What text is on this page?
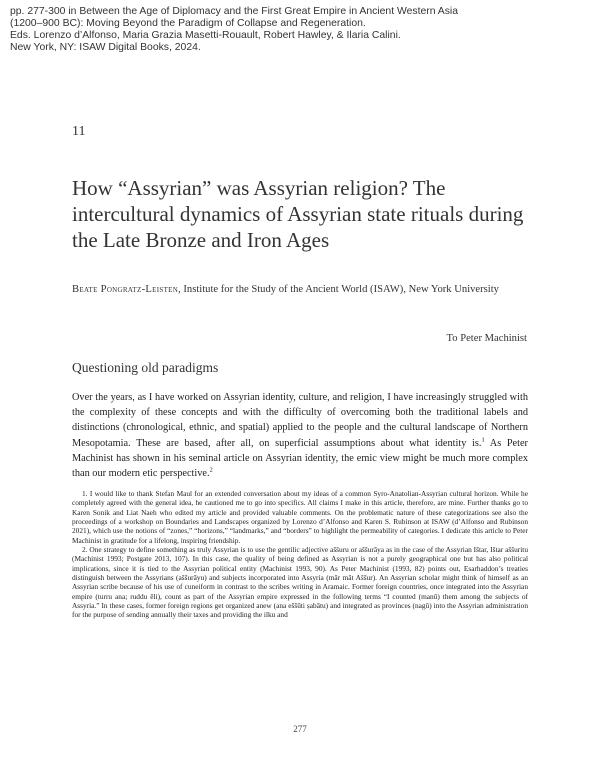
pp. 277-300 in Between the Age of Diplomacy and the First Great Empire in Ancient Western Asia
(1200–900 BC): Moving Beyond the Paradigm of Collapse and Regeneration.
Eds. Lorenzo d’Alfonso, Maria Grazia Masetti-Rouault, Robert Hawley, & Ilaria Calini.
New York, NY: ISAW Digital Books, 2024.
11
How “Assyrian” was Assyrian religion? The intercultural dynamics of Assyrian state rituals during the Late Bronze and Iron Ages
Beate Pongratz-Leisten, Institute for the Study of the Ancient World (ISAW), New York University
To Peter Machinist
Questioning old paradigms
Over the years, as I have worked on Assyrian identity, culture, and religion, I have increasingly struggled with the complexity of these concepts and with the difficulty of overcoming both the traditional labels and distinctions (chronological, ethnic, and spatial) applied to the people and the cultural landscape of Northern Mesopotamia. These are based, after all, on superficial assumptions about what identity is.$^1$ As Peter Machinist has shown in his seminal article on Assyrian identity, the emic view might be much more complex than our modern etic perspective.$^2$

1. I would like to thank Stefan Maul for an extended conversation about my ideas of a common Syro-Anatolian-Assyrian cultural horizon. While he completely agreed with the general idea, he cautioned me to go into specifics. All claims I make in this article, therefore, are mine. Further thanks go to Karen Sonik and Liat Naeh who edited my article and provided valuable comments. On the problematic nature of these categorizations see also the proceedings of a workshop on Boundaries and Landscapes organized by Lorenzo d’Alfonso and Karen S. Rubinson at ISAW (d’Alfonso and Rubinson 2021), which use the notions of “zones,” “horizons,” “landmarks,” and “borders” to highlight the permeability of categories. I dedicate this article to Peter Machinist in gratitude for a lifelong, inspiring friendship.

2. One strategy to define something as truly Assyrian is to use the gentilic adjective aššuru or aššurāya as in the case of the Assyrian Ištar, Ištar aššuritu (Machinist 1993; Postgate 2013, 107). In this case, the quality of being defined as Assyrian is not a purely geographical one but has also political implications, since it is tied to the Assyrian political entity (Machinist 1993, 90). As Peter Machinist (1993, 82) points out, Esarhaddon’s treaties distinguish between the Assyrians (aššurāyu) and subjects incorporated into Assyria (mār māt Aššur). An Assyrian scholar might think of himself as an Assyrian scribe because of his use of cuneiform in contrast to the scribes writing in Aramaic. Former foreign countries, once integrated into the Assyrian empire (turru ana; ruddu ēli), count as part of the Assyrian empire expressed in the following terms “I counted (manû) them among the subjects of Assyria.” In these cases, former foreign regions get organized anew (ana eššūti ṣabātu) and integrated as provinces (nagû) into the Assyrian administration for the purpose of sending annually their taxes and providing the ilku and

277
